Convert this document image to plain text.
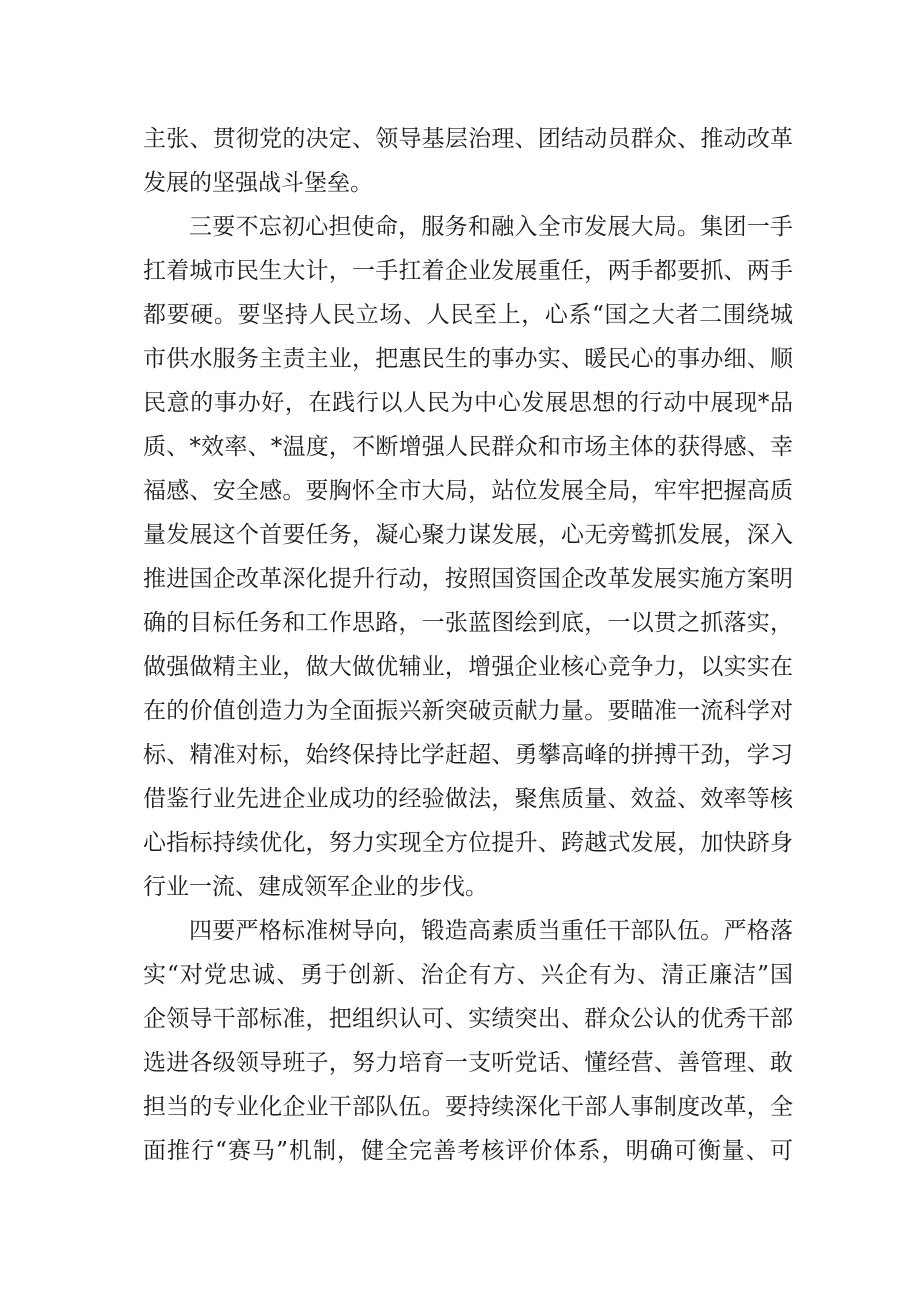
主张、贯彻党的决定、领导基层治理、团结动员群众、推动改革
发展的坚强战斗堡垒。
三要不忘初心担使命，服务和融入全市发展大局。集团一手
扛着城市民生大计，一手扛着企业发展重任，两手都要抓、两手
都要硬。要坚持人民立场、人民至上，心系“国之大者二围绕城
市供水服务主责主业，把惠民生的事办实、暖民心的事办细、顺
民意的事办好，在践行以人民为中心发展思想的行动中展现*品
质、*效率、*温度，不断增强人民群众和市场主体的获得感、幸
福感、安全感。要胸怀全市大局，站位发展全局，牢牢把握高质
量发展这个首要任务，凝心聚力谋发展，心无旁鹫抓发展，深入
推进国企改革深化提升行动，按照国资国企改革发展实施方案明
确的目标任务和工作思路，一张蓝图绘到底，一以贯之抓落实，
做强做精主业，做大做优辅业，增强企业核心竞争力，以实实在
在的价值创造力为全面振兴新突破贡献力量。要瞄准一流科学对
标、精准对标，始终保持比学赶超、勇攀高峰的拼搏干劲，学习
借鉴行业先进企业成功的经验做法，聚焦质量、效益、效率等核
心指标持续优化，努力实现全方位提升、跨越式发展，加快跻身
行业一流、建成领军企业的步伐。
四要严格标准树导向，锻造高素质当重任干部队伍。严格落
实“对党忠诚、勇于创新、治企有方、兴企有为、清正廉洁”国
企领导干部标准，把组织认可、实绩突出、群众公认的优秀干部
选进各级领导班子，努力培育一支听党话、懂经营、善管理、敢
担当的专业化企业干部队伍。要持续深化干部人事制度改革，全
面推行“赛马”机制，健全完善考核评价体系，明确可衡量、可
